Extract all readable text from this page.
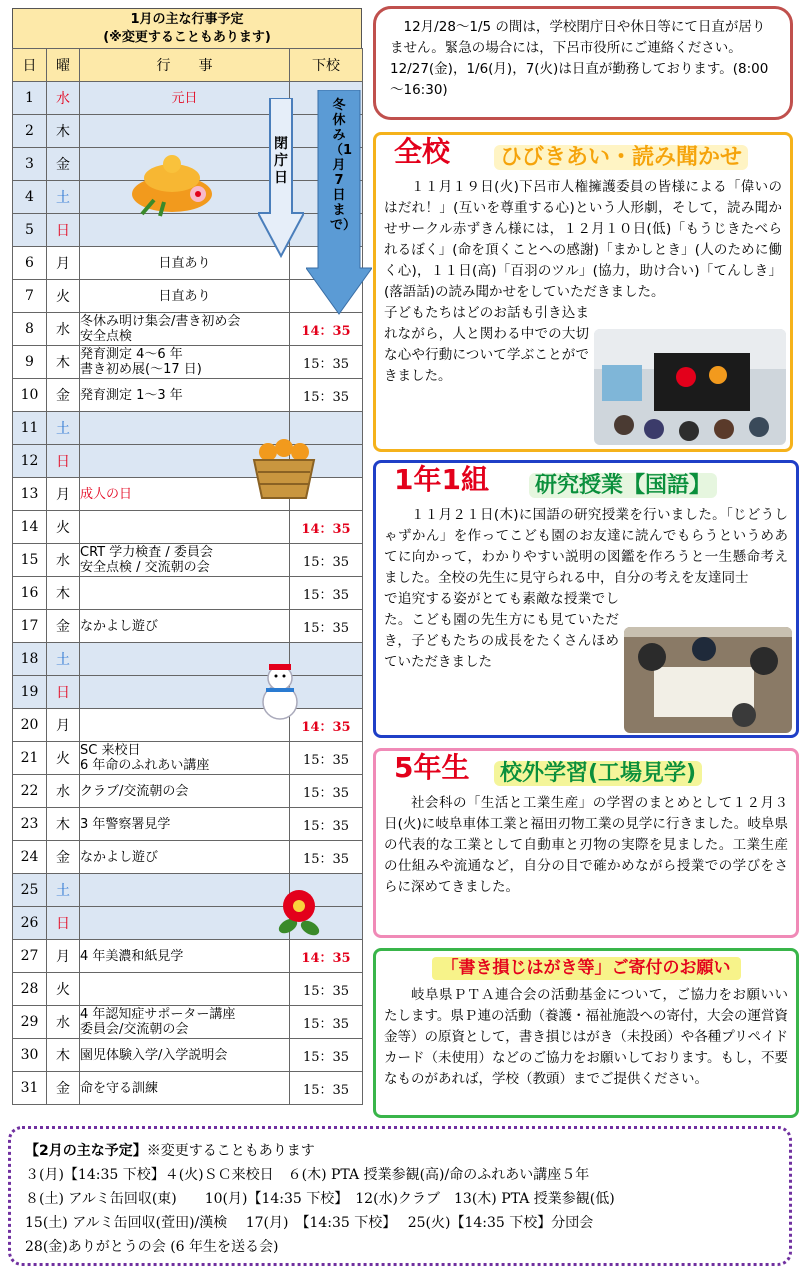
1月の主な行事予定
(※変更することもあります)
日	曜	行　　事	下校
1	水	元日	
2	木		
3	金		
4	土		
5	日		
6	月	日直あり	
7	火	日直あり	
8	水	冬休み明け集会/書き初め会
安全点検	14：35
9	木	発育測定 4～6 年
書き初め展(～17 日)	15：35
10	金	発育測定 1～3 年	15：35
11	土		
12	日		
13	月	成人の日	
14	火		14：35
15	水	CRT 学力検査 / 委員会
安全点検 / 交流朝の会	15：35
16	木		15：35
17	金	なかよし遊び	15：35
18	土		
19	日		
20	月		14：35
21	火	SC 来校日
6 年命のふれあい講座	15：35
22	水	クラブ/交流朝の会	15：35
23	木	3 年警察署見学	15：35
24	金	なかよし遊び	15：35
25	土		
26	日		
27	月	4 年美濃和紙見学	14：35
28	火		15：35
29	水	4 年認知症サポーター講座
委員会/交流朝の会	15：35
30	木	園児体験入学/入学説明会	15：35
31	金	命を守る訓練	15：35
閉庁日
冬休み（1月7日まで）
12月/28～1/5 の間は，学校閉庁日や休日等にて日直が居りません。緊急の場合には，下呂市役所にご連絡ください。12/27(金)，1/6(月)，7(火)は日直が勤務しております。(8:00～16:30)
全校 ひびきあい・読み聞かせ
１１月１９日(火)下呂市人権擁護委員の皆様による「偉いのはだれ！」(互いを尊重する心)という人形劇，そして，読み聞かせサークル赤ずきん様には，１２月１０日(低)「もうじきたべられるぼく」(命を頂くことへの感謝)「まかしとき」(人のために働く心)，１１日(高)「百羽のツル」(協力，助け合い)「てんしき」(落語話)の読み聞かせをしていただきました。
子どもたちはどのお話も引き込まれながら，人と関わる中での大切な心や行動について学ぶことができました。
1年1組 研究授業【国語】
１１月２１日(木)に国語の研究授業を行いました。「じどうしゃずかん」を作ってこども園のお友達に読んでもらうというめあてに向かって，わかりやすい説明の図鑑を作ろうと一生懸命考えました。全校の先生に見守られる中，自分の考えを友達同士
で追究する姿がとても素敵な授業でした。こども園の先生方にも見ていただき，子どもたちの成長をたくさんほめていただきました
5年生 校外学習(工場見学)
社会科の「生活と工業生産」の学習のまとめとして１２月３日(火)に岐阜車体工業と福田刃物工業の見学に行きました。岐阜県の代表的な工業として自動車と刃物の実際を見ました。工業生産の仕組みや流通など，自分の目で確かめながら授業での学びをさらに深めてきました。
「書き損じはがき等」ご寄付のお願い
岐阜県ＰＴＡ連合会の活動基金について，ご協力をお願いいたします。県Ｐ連の活動（養護・福祉施設への寄付，大会の運営資金等）の原資として，書き損じはがき（未投函）や各種プリペイドカード（未使用）などのご協力をお願いしております。もし，不要なものがあれば，学校（教頭）までご提供ください。
【2月の主な予定】※変更することもあります
３(月)【14:35 下校】４(火)ＳＣ来校日　６(木) PTA 授業参観(高)/命のふれあい講座５年
８(土) アルミ缶回収(東)　　10(月)【14:35 下校】　12(水)クラブ　13(木) PTA 授業参観(低)
15(土) アルミ缶回収(萓田)/漢検　 17(月)　【14:35 下校】　 25(火)【14:35 下校】分団会
28(金)ありがとうの会 (6 年生を送る会)
